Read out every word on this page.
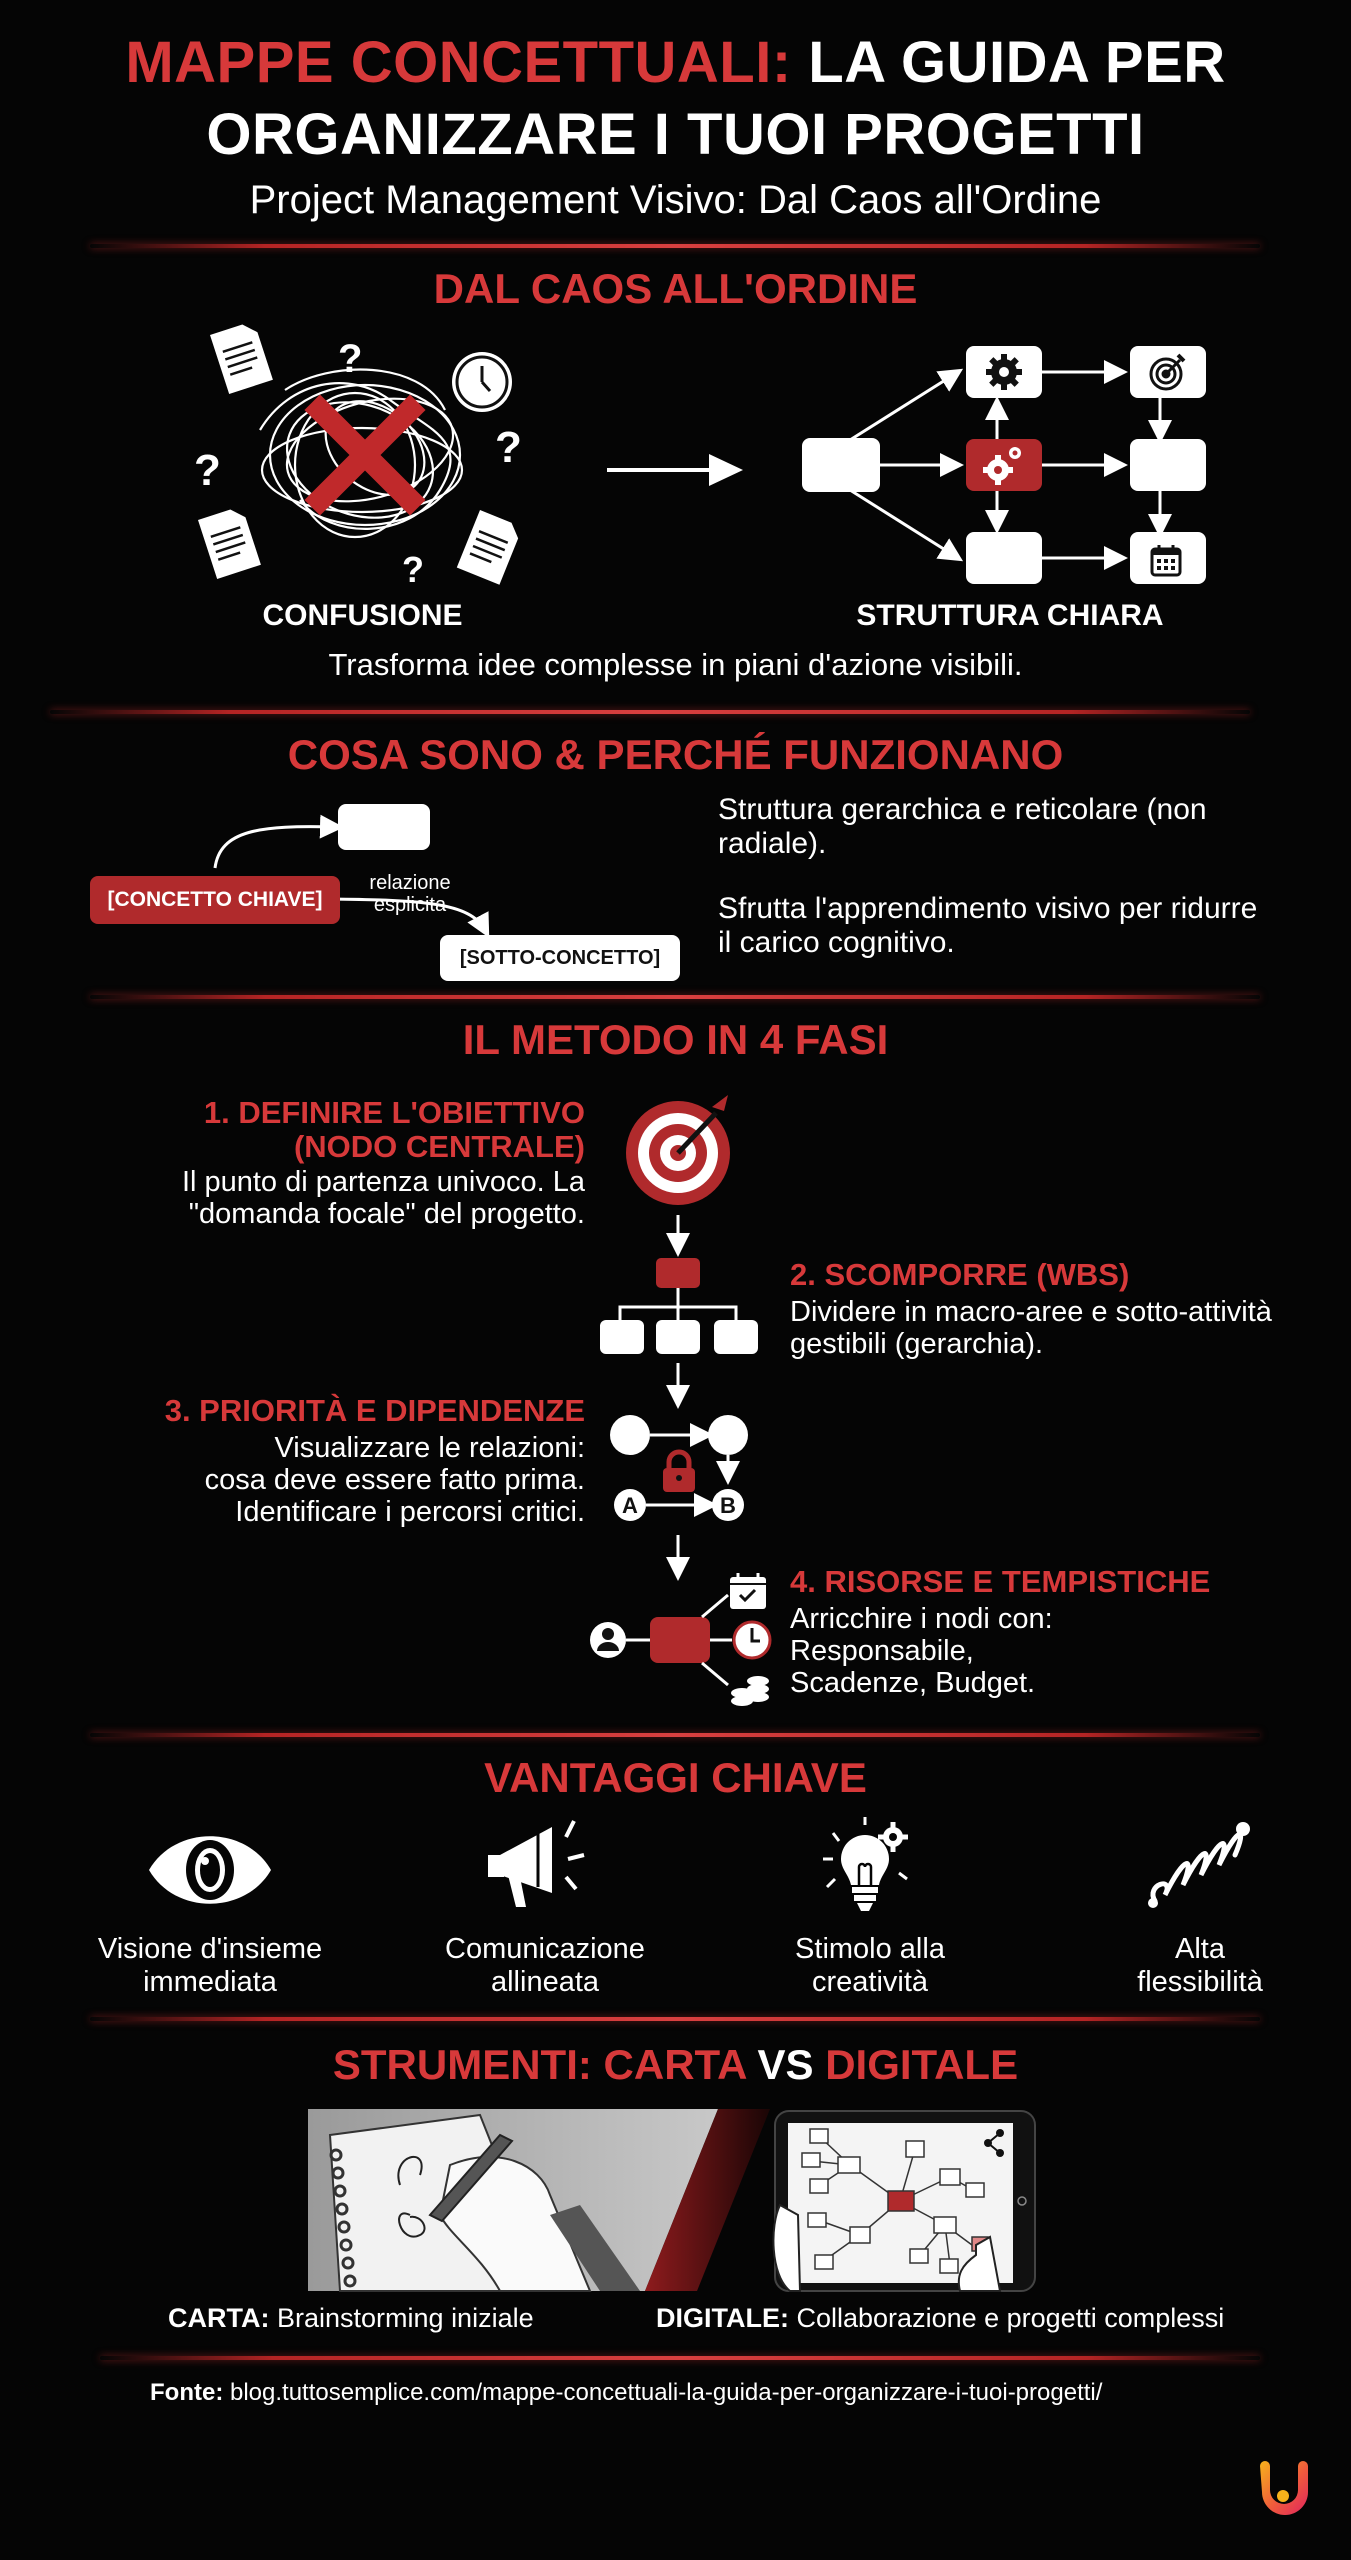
MAPPE CONCETTUALI: LA GUIDA PER
ORGANIZZARE I TUOI PROGETTI
Project Management Visivo: Dal Caos all'Ordine
DAL CAOS ALL'ORDINE
?
?	?
?
CONFUSIONE	STRUTTURA CHIARA
Trasforma idee complesse in piani d'azione visibili.
COSA SONO & PERCHÉ FUNZIONANO
[CONCETTO CHIAVE]
relazione
esplicita
[SOTTO-CONCETTO]
Struttura gerarchica e reticolare (non radiale).
Sfrutta l'apprendimento visivo per ridurre il carico cognitivo.
IL METODO IN 4 FASI
1. DEFINIRE L'OBIETTIVO
(NODO CENTRALE)
Il punto di partenza univoco. La "domanda focale" del progetto.
A	B
2. SCOMPORRE (WBS)
Dividere in macro-aree e sotto-attività gestibili (gerarchia).
3. PRIORITÀ E DIPENDENZE
Visualizzare le relazioni:
cosa deve essere fatto prima.
Identificare i percorsi critici.
4. RISORSE E TEMPISTICHE
Arricchire i nodi con:
Responsabile,
Scadenze, Budget.
VANTAGGI CHIAVE
Visione d'insieme
immediata
Comunicazione
allineata
Stimolo alla
creatività
Alta
flessibilità
STRUMENTI: CARTA VS DIGITALE
CARTA: Brainstorming iniziale	DIGITALE: Collaborazione e progetti complessi
Fonte: blog.tuttosemplice.com/mappe-concettuali-la-guida-per-organizzare-i-tuoi-progetti/
